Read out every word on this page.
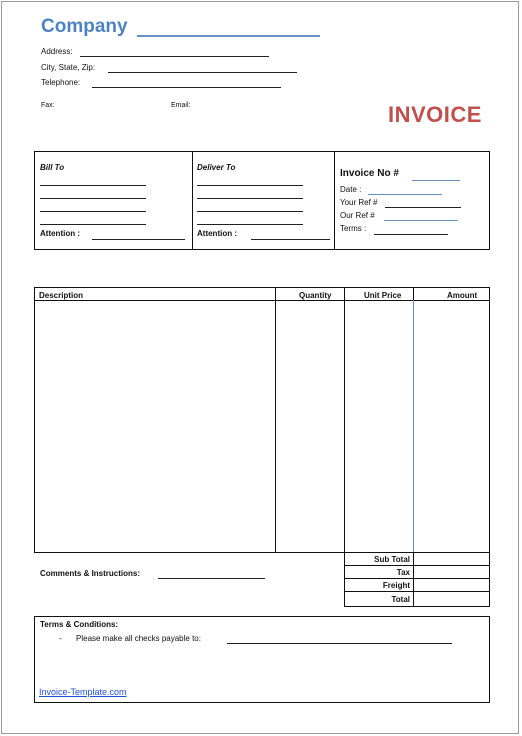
Company
Address:
City, State, Zip:
Telephone:
Fax:	Email:	INVOICE
Bill To
Attention :
Deliver To
Attention :
Invoice No #
Date :
Your Ref #
Our Ref #
Terms :
Description	Quantity	Unit Price	Amount
Comments & Instructions:
Sub Total
Tax
Freight
Total
Terms & Conditions:
- Please make all checks payable to:
Invoice-Template.com
